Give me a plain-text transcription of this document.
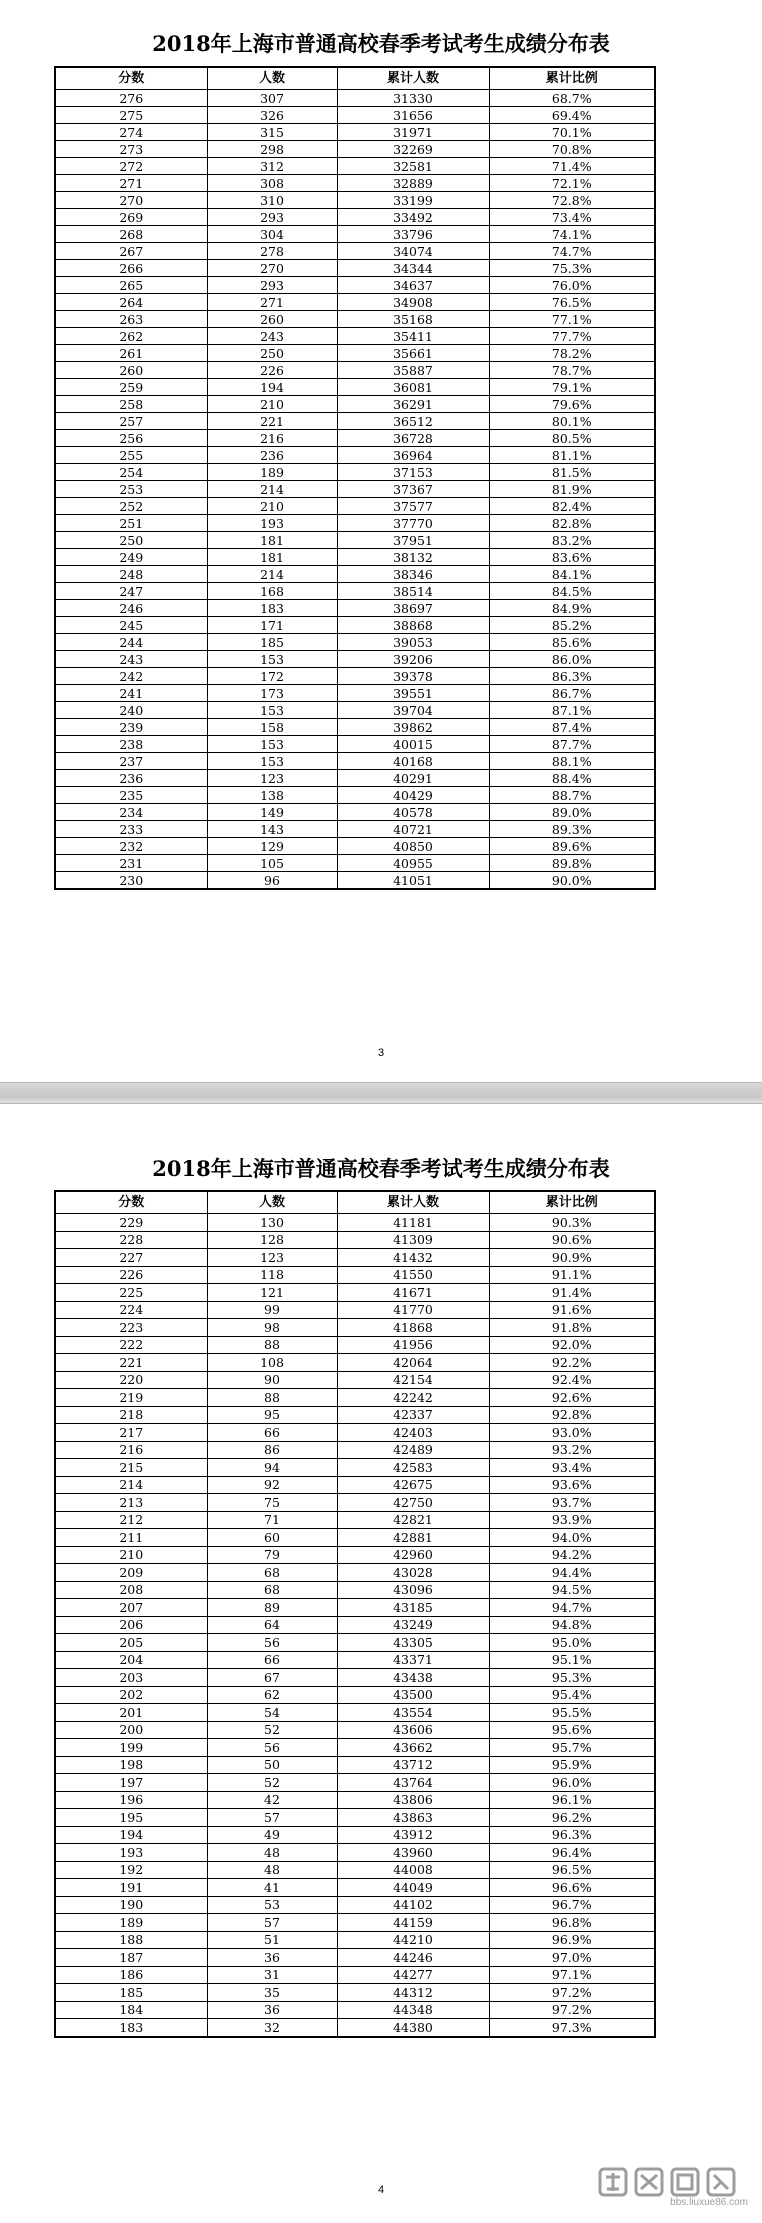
2018年上海市普通高校春季考试考生成绩分布表
分数	人数	累计人数	累计比例
276	307	31330	68.7%
275	326	31656	69.4%
274	315	31971	70.1%
273	298	32269	70.8%
272	312	32581	71.4%
271	308	32889	72.1%
270	310	33199	72.8%
269	293	33492	73.4%
268	304	33796	74.1%
267	278	34074	74.7%
266	270	34344	75.3%
265	293	34637	76.0%
264	271	34908	76.5%
263	260	35168	77.1%
262	243	35411	77.7%
261	250	35661	78.2%
260	226	35887	78.7%
259	194	36081	79.1%
258	210	36291	79.6%
257	221	36512	80.1%
256	216	36728	80.5%
255	236	36964	81.1%
254	189	37153	81.5%
253	214	37367	81.9%
252	210	37577	82.4%
251	193	37770	82.8%
250	181	37951	83.2%
249	181	38132	83.6%
248	214	38346	84.1%
247	168	38514	84.5%
246	183	38697	84.9%
245	171	38868	85.2%
244	185	39053	85.6%
243	153	39206	86.0%
242	172	39378	86.3%
241	173	39551	86.7%
240	153	39704	87.1%
239	158	39862	87.4%
238	153	40015	87.7%
237	153	40168	88.1%
236	123	40291	88.4%
235	138	40429	88.7%
234	149	40578	89.0%
233	143	40721	89.3%
232	129	40850	89.6%
231	105	40955	89.8%
230	96	41051	90.0%
3
2018年上海市普通高校春季考试考生成绩分布表
分数	人数	累计人数	累计比例
229	130	41181	90.3%
228	128	41309	90.6%
227	123	41432	90.9%
226	118	41550	91.1%
225	121	41671	91.4%
224	99	41770	91.6%
223	98	41868	91.8%
222	88	41956	92.0%
221	108	42064	92.2%
220	90	42154	92.4%
219	88	42242	92.6%
218	95	42337	92.8%
217	66	42403	93.0%
216	86	42489	93.2%
215	94	42583	93.4%
214	92	42675	93.6%
213	75	42750	93.7%
212	71	42821	93.9%
211	60	42881	94.0%
210	79	42960	94.2%
209	68	43028	94.4%
208	68	43096	94.5%
207	89	43185	94.7%
206	64	43249	94.8%
205	56	43305	95.0%
204	66	43371	95.1%
203	67	43438	95.3%
202	62	43500	95.4%
201	54	43554	95.5%
200	52	43606	95.6%
199	56	43662	95.7%
198	50	43712	95.9%
197	52	43764	96.0%
196	42	43806	96.1%
195	57	43863	96.2%
194	49	43912	96.3%
193	48	43960	96.4%
192	48	44008	96.5%
191	41	44049	96.6%
190	53	44102	96.7%
189	57	44159	96.8%
188	51	44210	96.9%
187	36	44246	97.0%
186	31	44277	97.1%
185	35	44312	97.2%
184	36	44348	97.2%
183	32	44380	97.3%
4
bbs.liuxue86.com
